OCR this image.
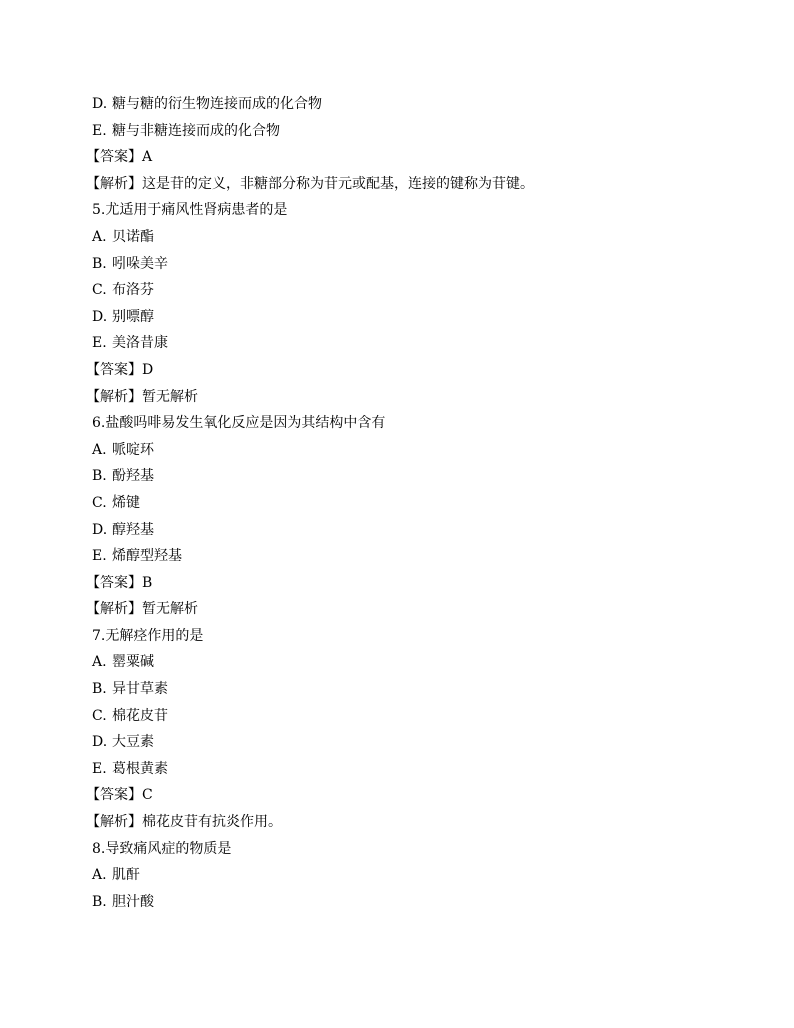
D. 糖与糖的衍生物连接而成的化合物
E. 糖与非糖连接而成的化合物
【答案】A
【解析】这是苷的定义，非糖部分称为苷元或配基，连接的键称为苷键。
5.尤适用于痛风性肾病患者的是
A. 贝诺酯
B. 吲哚美辛
C. 布洛芬
D. 别嘌醇
E. 美洛昔康
【答案】D
【解析】暂无解析
6.盐酸吗啡易发生氧化反应是因为其结构中含有
A. 哌啶环
B. 酚羟基
C. 烯键
D. 醇羟基
E. 烯醇型羟基
【答案】B
【解析】暂无解析
7.无解痉作用的是
A. 罂粟碱
B. 异甘草素
C. 棉花皮苷
D. 大豆素
E. 葛根黄素
【答案】C
【解析】棉花皮苷有抗炎作用。
8.导致痛风症的物质是
A. 肌酐
B. 胆汁酸
